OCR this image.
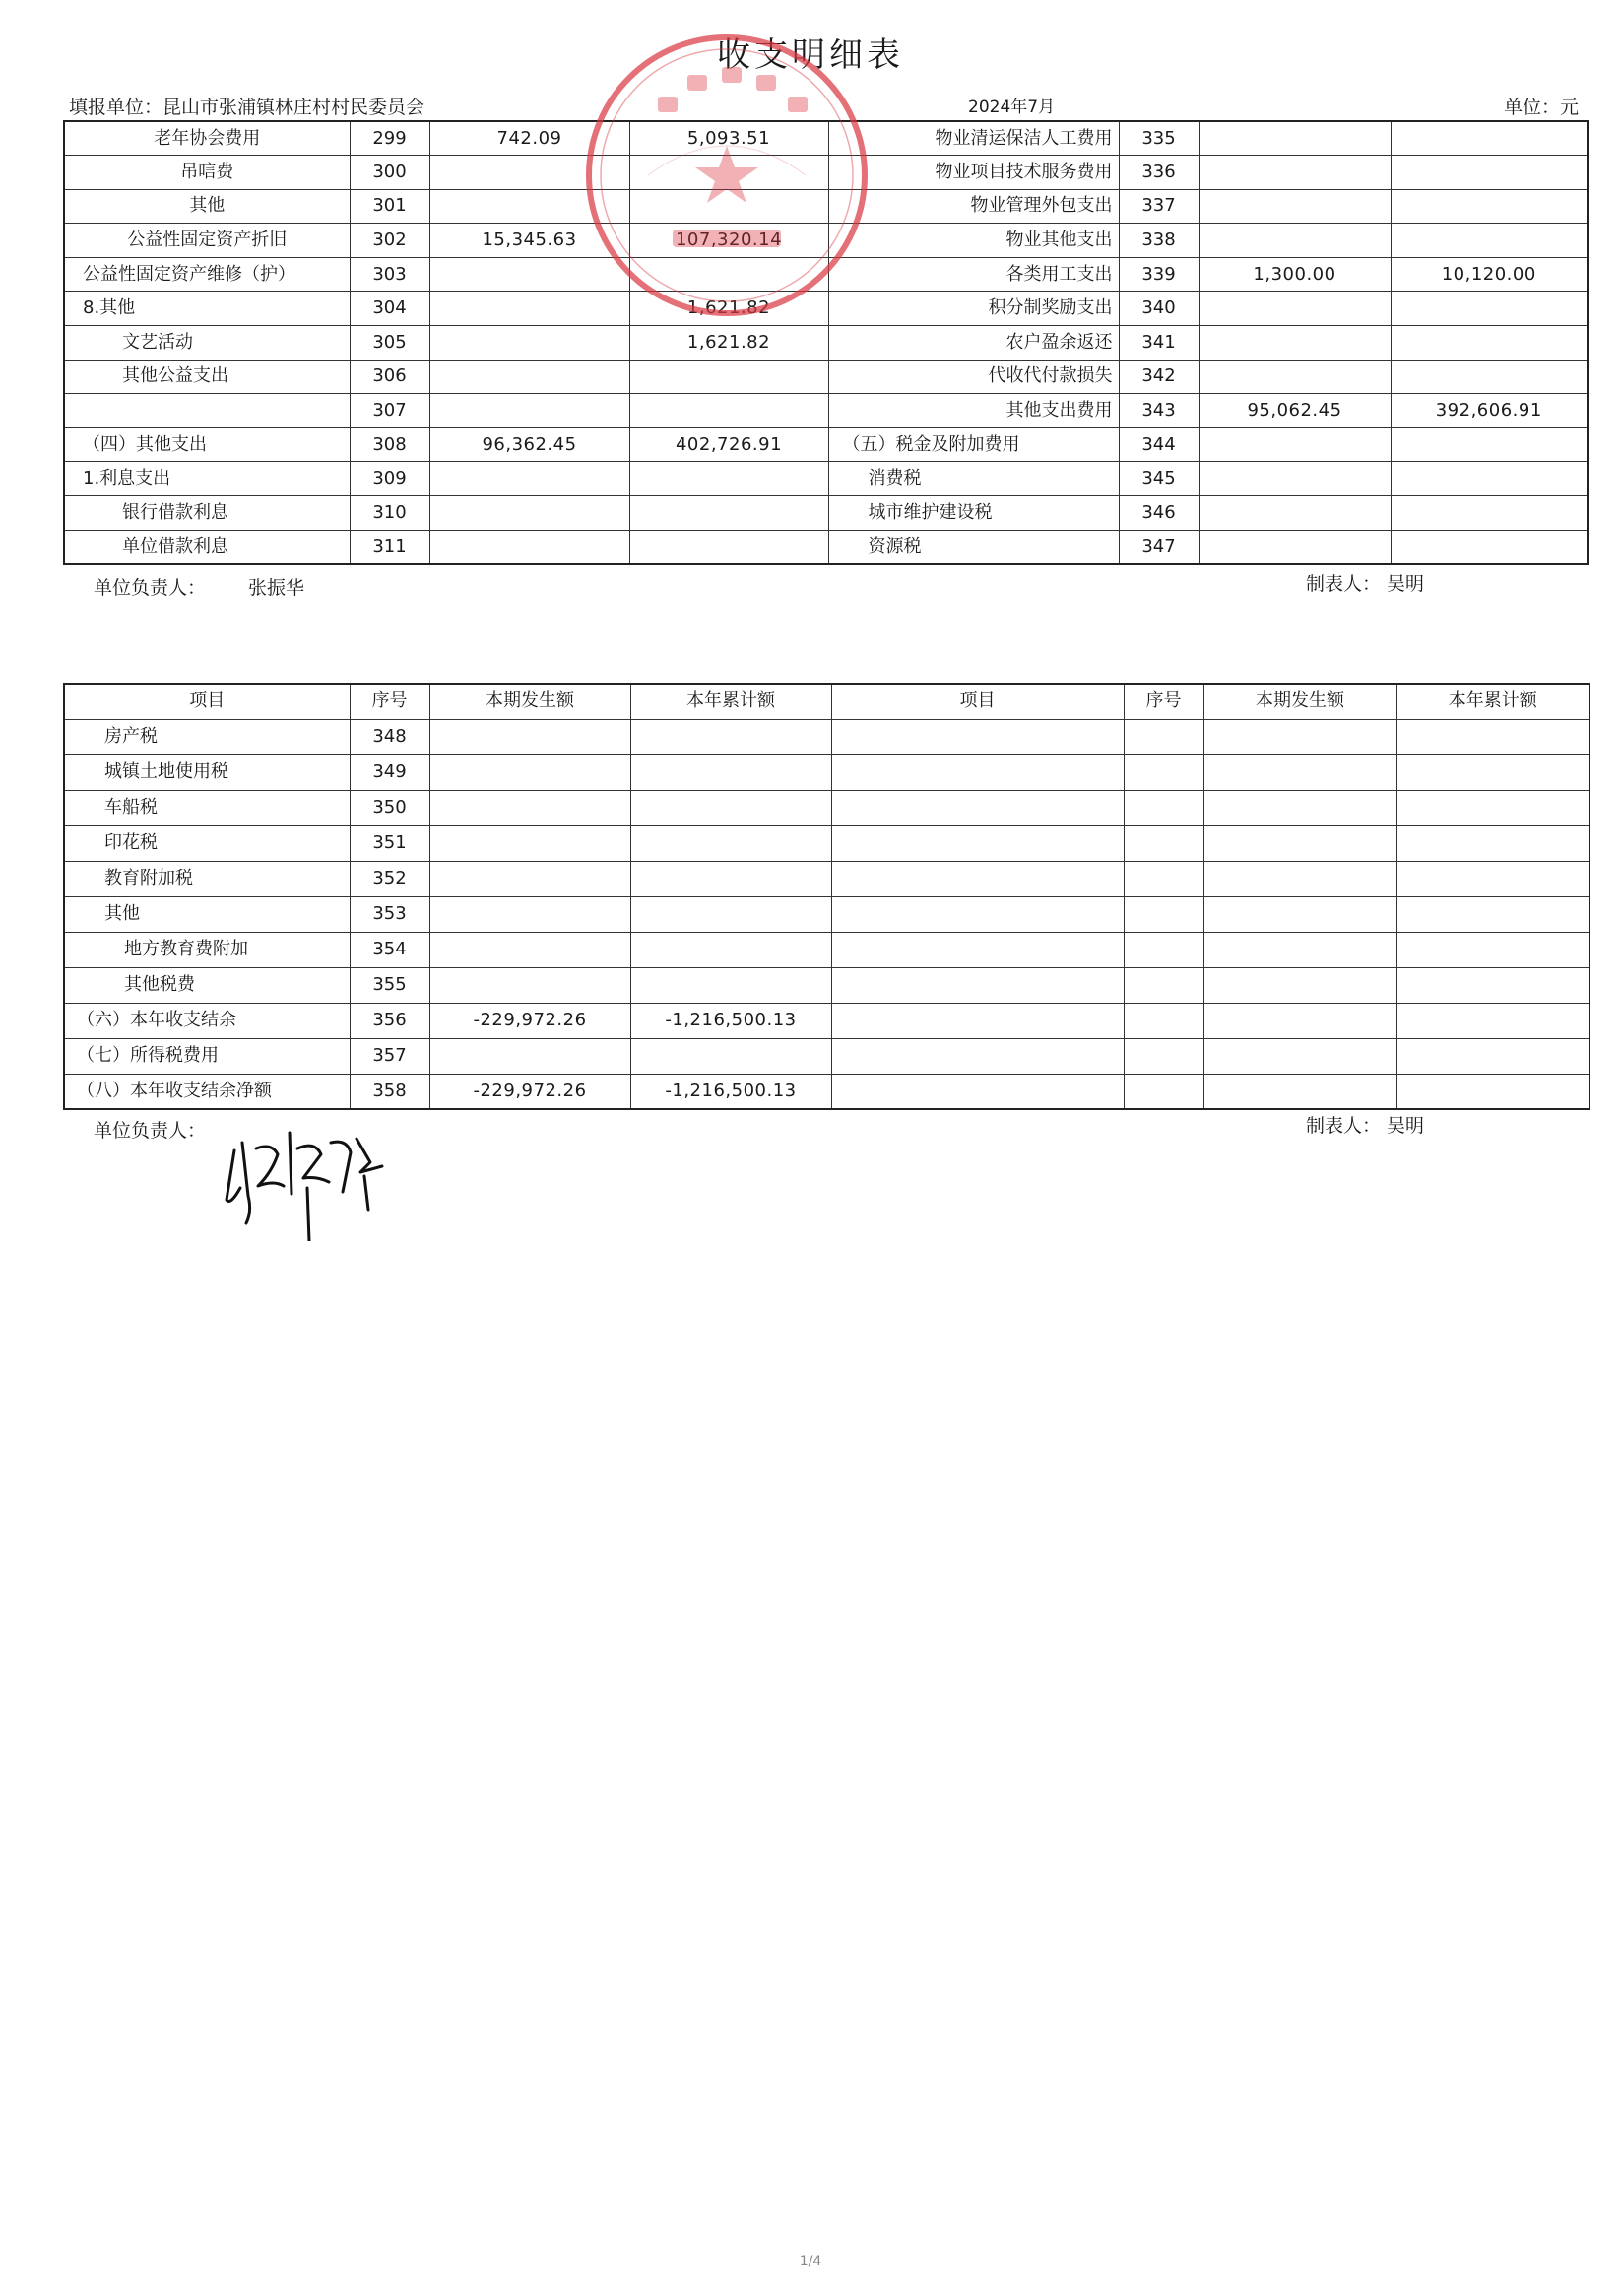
收支明细表
填报单位：昆山市张浦镇林庄村村民委员会	2024年7月	单位：元
老年协会费用	299	742.09	5,093.51	物业清运保洁人工费用	335		
吊唁费	300			物业项目技术服务费用	336		
其他	301			物业管理外包支出	337		
公益性固定资产折旧	302	15,345.63	107,320.14	物业其他支出	338		
公益性固定资产维修（护）	303			各类用工支出	339	1,300.00	10,120.00
8.其他	304		1,621.82	积分制奖励支出	340		
文艺活动	305		1,621.82	农户盈余返还	341		
其他公益支出	306			代收代付款损失	342		
	307			其他支出费用	343	95,062.45	392,606.91
（四）其他支出	308	96,362.45	402,726.91	（五）税金及附加费用	344		
1.利息支出	309			消费税	345		
银行借款利息	310			城市维护建设税	346		
单位借款利息	311			资源税	347		
单位负责人： 张振华	制表人： 吴明
项目	序号	本期发生额	本年累计额	项目	序号	本期发生额	本年累计额
房产税	348						
城镇土地使用税	349						
车船税	350						
印花税	351						
教育附加税	352						
其他	353						
地方教育费附加	354						
其他税费	355						
（六）本年收支结余	356	-229,972.26	-1,216,500.13				
（七）所得税费用	357						
（八）本年收支结余净额	358	-229,972.26	-1,216,500.13				
单位负责人：	制表人： 吴明
1/4
